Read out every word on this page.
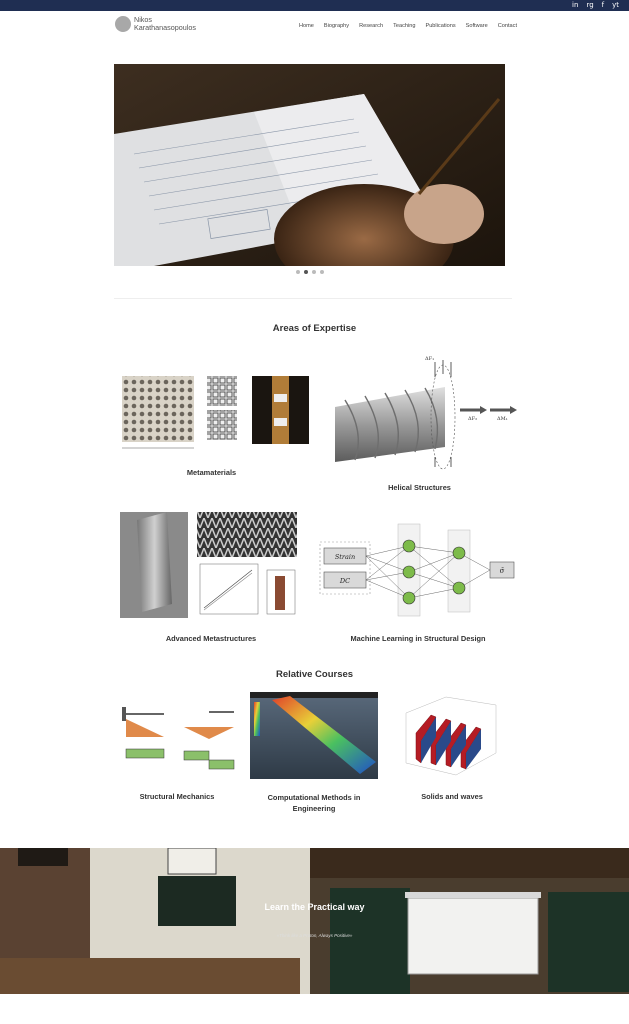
in rg f yt
Nikos
Karathanasopoulos	Home Biography Research Teaching Publications Software Contact
Areas of Expertise
Metamaterials
ΔF₁
ΔF₂	ΔM₁
Helical Structures
Advanced Metastructures
Strain
DC
σ̄
Machine Learning in Structural Design
Relative Courses
Structural Mechanics	Computational Methods in Engineering
Solids and waves
Learn the Practical way
«Think like a Proton, Always Positive»
